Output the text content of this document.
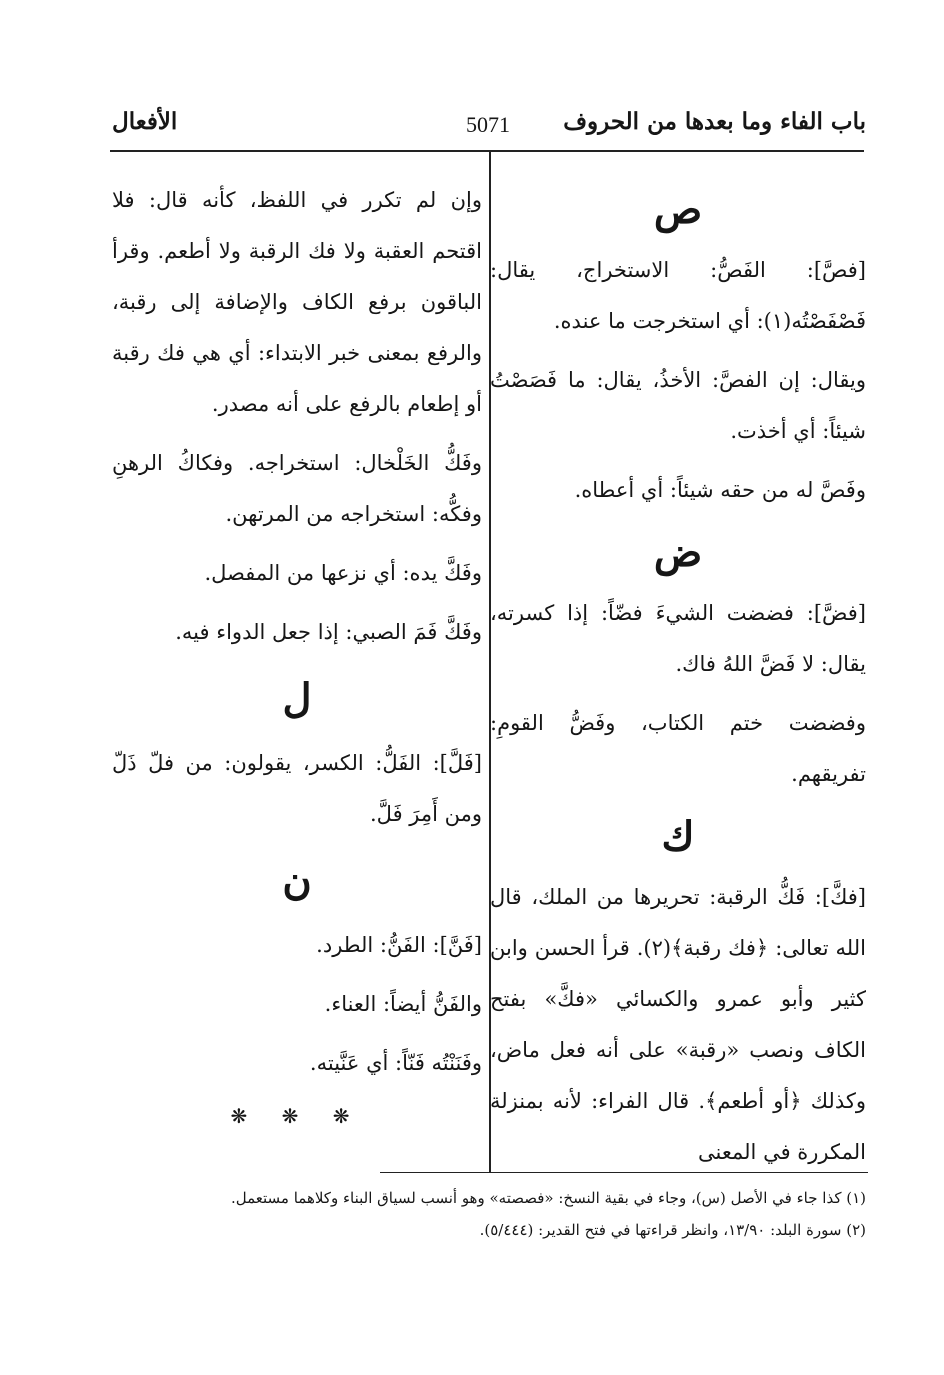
باب الفاء وما بعدها من الحروف
5071
الأفعال
ص

[فصَّ]: الفَصُّ: الاستخراج، يقال: فَصْفَصْتُه(١): أي استخرجت ما عنده.

ويقال: إن الفصَّ: الأخذُ، يقال: ما فَصَصْتُ شيئاً: أي أخذت.

وفَصَّ له من حقه شيئاً: أي أعطاه.

ض

[فضَّ]: فضضت الشيءَ فضّاً: إذا كسرته، يقال: لا فَضَّ اللهُ فاك.

وفضضت ختم الكتاب، وفَضُّ القومِ: تفريقهم.

ك

[فكَّ]: فَكُّ الرقبة: تحريرها من الملك، قال الله تعالى: ﴿فك رقبة﴾(٢). قرأ الحسن وابن كثير وأبو عمرو والكسائي «فكَّ» بفتح الكاف ونصب «رقبة» على أنه فعل ماض، وكذلك ﴿أو أطعم﴾. قال الفراء: لأنه بمنزلة المكررة في المعنى

وإن لم تكرر في اللفظ، كأنه قال: فلا اقتحم العقبة ولا فك الرقبة ولا أطعم. وقرأ الباقون برفع الكاف والإضافة إلى رقبة، والرفع بمعنى خبر الابتداء: أي هي فك رقبة أو إطعام بالرفع على أنه مصدر.

وفَكُّ الخَلْخال: استخراجه. وفكاكُ الرهنِ وفكُّه: استخراجه من المرتهن.

وفَكَّ يده: أي نزعها من المفصل.

وفَكَّ فَمَ الصبي: إذا جعل الدواء فيه.

ل

[فَلَّ]: الفَلُّ: الكسر، يقولون: من فلّ ذَلّ ومن أَمِرَ فَلَّ.

ن

[فَنَّ]: الفَنُّ: الطرد.

والفَنُّ أيضاً: العناء.

وفَنَنْتُه فَنّاً: أي عَنَّيته.

❋ ❋ ❋
(١) كذا جاء في الأصل (س)، وجاء في بقية النسخ: «فصصته» وهو أنسب لسياق البناء وكلاهما مستعمل.
(٢) سورة البلد: ١٣/٩٠، وانظر قراءتها في فتح القدير: (٥/٤٤٤).
